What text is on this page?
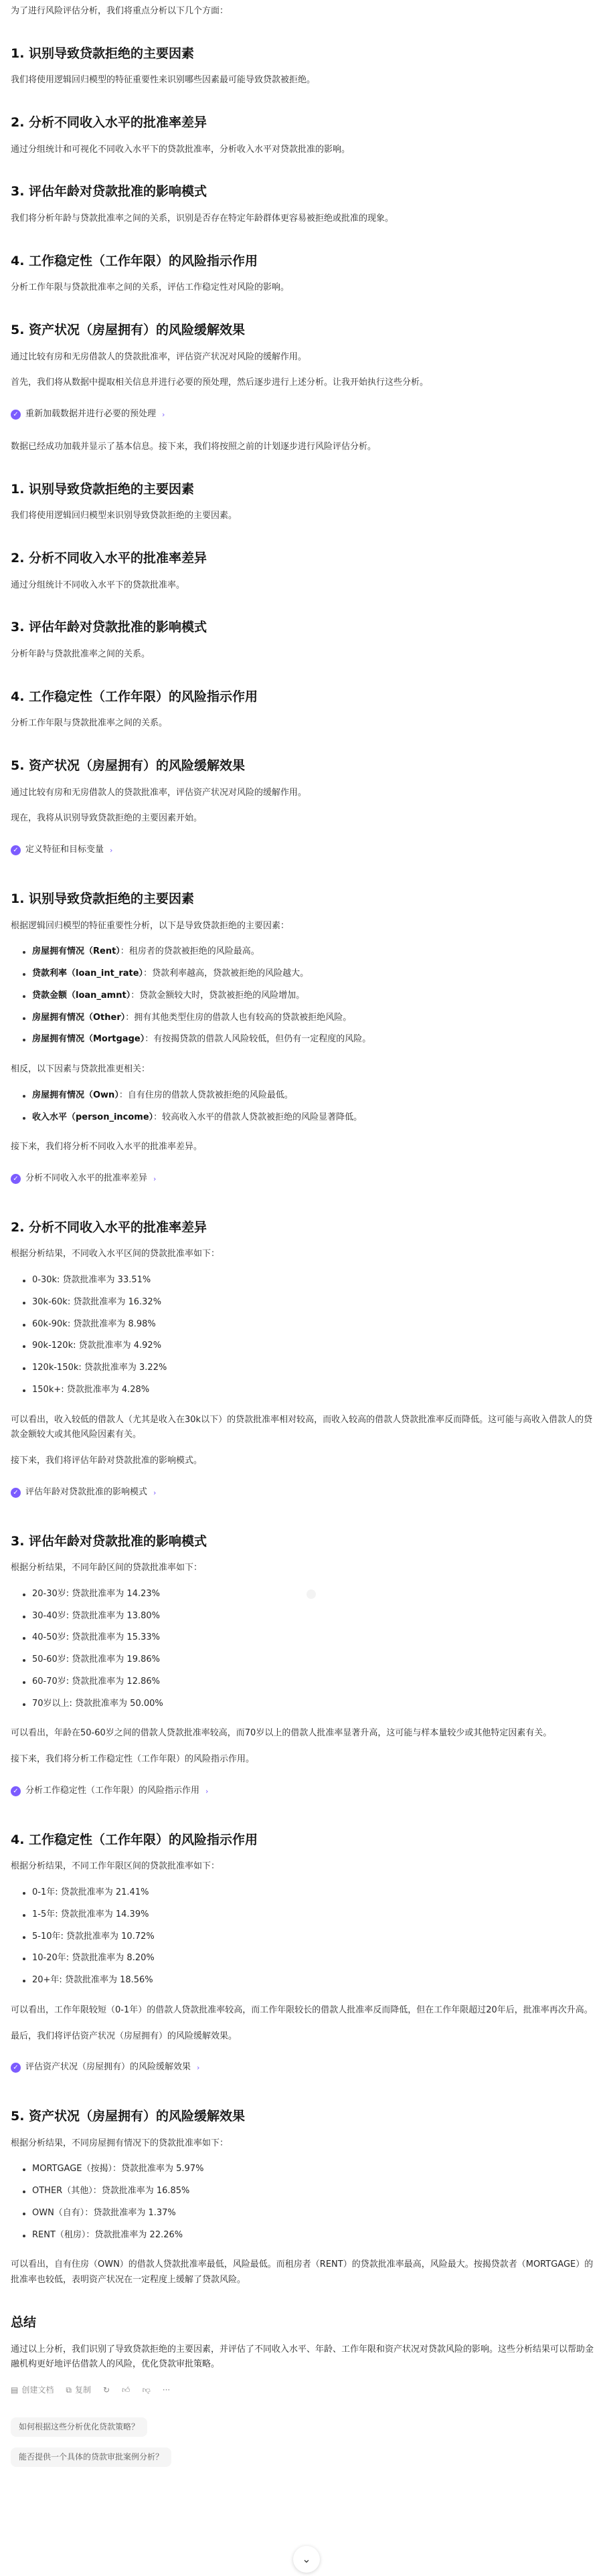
为了进行风险评估分析，我们将重点分析以下几个方面：

1. 识别导致贷款拒绝的主要因素

我们将使用逻辑回归模型的特征重要性来识别哪些因素最可能导致贷款被拒绝。

2. 分析不同收入水平的批准率差异

通过分组统计和可视化不同收入水平下的贷款批准率，分析收入水平对贷款批准的影响。

3. 评估年龄对贷款批准的影响模式

我们将分析年龄与贷款批准率之间的关系，识别是否存在特定年龄群体更容易被拒绝或批准的现象。

4. 工作稳定性（工作年限）的风险指示作用

分析工作年限与贷款批准率之间的关系，评估工作稳定性对风险的影响。

5. 资产状况（房屋拥有）的风险缓解效果

通过比较有房和无房借款人的贷款批准率，评估资产状况对风险的缓解作用。

首先，我们将从数据中提取相关信息并进行必要的预处理，然后逐步进行上述分析。让我开始执行这些分析。

✓ 重新加载数据并进行必要的预处理 ›

数据已经成功加载并显示了基本信息。接下来，我们将按照之前的计划逐步进行风险评估分析。

1. 识别导致贷款拒绝的主要因素

我们将使用逻辑回归模型来识别导致贷款拒绝的主要因素。

2. 分析不同收入水平的批准率差异

通过分组统计不同收入水平下的贷款批准率。

3. 评估年龄对贷款批准的影响模式

分析年龄与贷款批准率之间的关系。

4. 工作稳定性（工作年限）的风险指示作用

分析工作年限与贷款批准率之间的关系。

5. 资产状况（房屋拥有）的风险缓解效果

通过比较有房和无房借款人的贷款批准率，评估资产状况对风险的缓解作用。

现在，我将从识别导致贷款拒绝的主要因素开始。

✓ 定义特征和目标变量 ›
1. 识别导致贷款拒绝的主要因素

根据逻辑回归模型的特征重要性分析，以下是导致贷款拒绝的主要因素：

房屋拥有情况（Rent）：租房者的贷款被拒绝的风险最高。
贷款利率（loan_int_rate）：贷款利率越高，贷款被拒绝的风险越大。
贷款金额（loan_amnt）：贷款金额较大时，贷款被拒绝的风险增加。
房屋拥有情况（Other）：拥有其他类型住房的借款人也有较高的贷款被拒绝风险。
房屋拥有情况（Mortgage）：有按揭贷款的借款人风险较低，但仍有一定程度的风险。

相反，以下因素与贷款批准更相关：

房屋拥有情况（Own）：自有住房的借款人贷款被拒绝的风险最低。
收入水平（person_income）：较高收入水平的借款人贷款被拒绝的风险显著降低。

接下来，我们将分析不同收入水平的批准率差异。

✓ 分析不同收入水平的批准率差异 ›
2. 分析不同收入水平的批准率差异

根据分析结果，不同收入水平区间的贷款批准率如下：

0-30k: 贷款批准率为 33.51%
30k-60k: 贷款批准率为 16.32%
60k-90k: 贷款批准率为 8.98%
90k-120k: 贷款批准率为 4.92%
120k-150k: 贷款批准率为 3.22%
150k+: 贷款批准率为 4.28%

可以看出，收入较低的借款人（尤其是收入在30k以下）的贷款批准率相对较高，而收入较高的借款人贷款批准率反而降低。这可能与高收入借款人的贷款金额较大或其他风险因素有关。

接下来，我们将评估年龄对贷款批准的影响模式。

✓ 评估年龄对贷款批准的影响模式 ›
3. 评估年龄对贷款批准的影响模式

根据分析结果，不同年龄区间的贷款批准率如下：

20-30岁: 贷款批准率为 14.23%
30-40岁: 贷款批准率为 13.80%
40-50岁: 贷款批准率为 15.33%
50-60岁: 贷款批准率为 19.86%
60-70岁: 贷款批准率为 12.86%
70岁以上: 贷款批准率为 50.00%

可以看出，年龄在50-60岁之间的借款人贷款批准率较高，而70岁以上的借款人批准率显著升高，这可能与样本量较少或其他特定因素有关。

接下来，我们将分析工作稳定性（工作年限）的风险指示作用。

✓ 分析工作稳定性（工作年限）的风险指示作用 ›
4. 工作稳定性（工作年限）的风险指示作用

根据分析结果，不同工作年限区间的贷款批准率如下：

0-1年: 贷款批准率为 21.41%
1-5年: 贷款批准率为 14.39%
5-10年: 贷款批准率为 10.72%
10-20年: 贷款批准率为 8.20%
20+年: 贷款批准率为 18.56%

可以看出，工作年限较短（0-1年）的借款人贷款批准率较高，而工作年限较长的借款人批准率反而降低，但在工作年限超过20年后，批准率再次升高。

最后，我们将评估资产状况（房屋拥有）的风险缓解效果。

✓ 评估资产状况（房屋拥有）的风险缓解效果 ›
5. 资产状况（房屋拥有）的风险缓解效果

根据分析结果，不同房屋拥有情况下的贷款批准率如下：

MORTGAGE（按揭）：贷款批准率为 5.97%
OTHER（其他）：贷款批准率为 16.85%
OWN（自有）：贷款批准率为 1.37%
RENT（租房）：贷款批准率为 22.26%

可以看出，自有住房（OWN）的借款人贷款批准率最低，风险最低。而租房者（RENT）的贷款批准率最高，风险最大。按揭贷款者（MORTGAGE）的批准率也较低，表明资产状况在一定程度上缓解了贷款风险。

总结

通过以上分析，我们识别了导致贷款拒绝的主要因素，并评估了不同收入水平、年龄、工作年限和资产状况对贷款风险的影响。这些分析结果可以帮助金融机构更好地评估借款人的风险，优化贷款审批策略。

▤ 创建文档 ⧉ 复制 ↻ 👍︎ 👎︎ ···
如何根据这些分析优化贷款策略？
能否提供一个具体的贷款审批案例分析？
⌄
